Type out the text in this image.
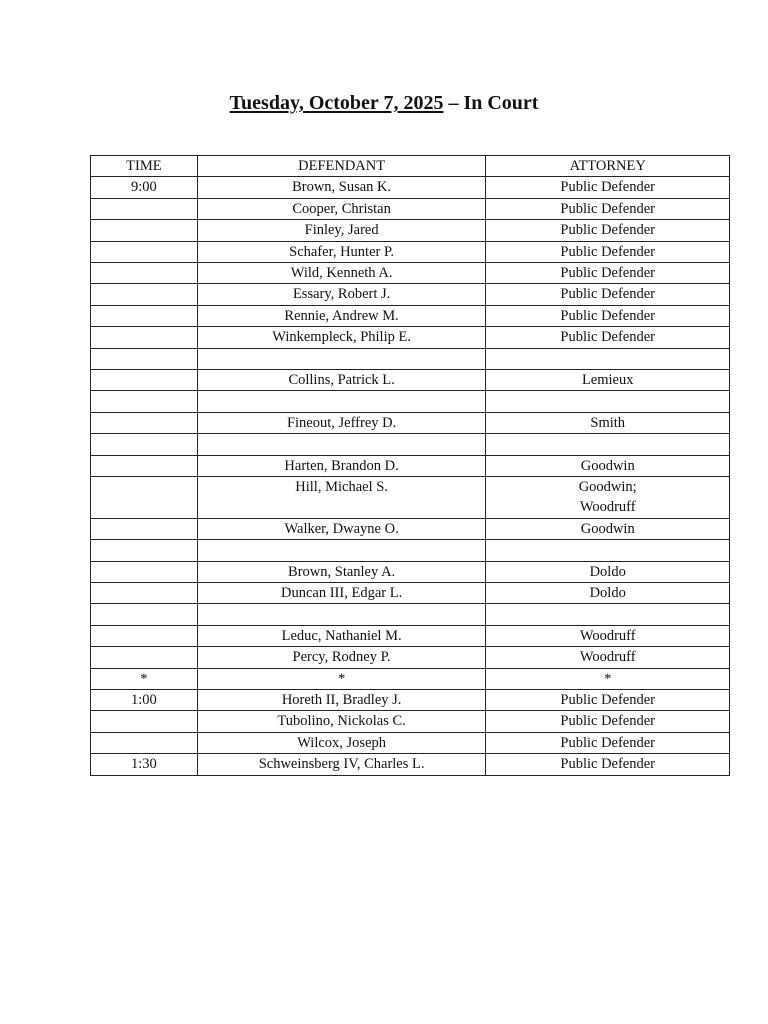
Tuesday, October 7, 2025 – In Court
TIME	DEFENDANT	ATTORNEY
9:00	Brown, Susan K.	Public Defender

	Cooper, Christan	Public Defender

	Finley, Jared	Public Defender

	Schafer, Hunter P.	Public Defender

	Wild, Kenneth A.	Public Defender

	Essary, Robert J.	Public Defender

	Rennie, Andrew M.	Public Defender

	Winkempleck, Philip E.	Public Defender

	Collins, Patrick L.	Lemieux

	Fineout, Jeffrey D.	Smith

	Harten, Brandon D.	Goodwin

	Hill, Michael S.	Goodwin;
Woodruff

	Walker, Dwayne O.	Goodwin

	Brown, Stanley A.	Doldo

	Duncan III, Edgar L.	Doldo

	Leduc, Nathaniel M.	Woodruff

	Percy, Rodney P.	Woodruff

*	*	*

1:00	Horeth II, Bradley J.	Public Defender

	Tubolino, Nickolas C.	Public Defender

	Wilcox, Joseph	Public Defender

1:30	Schweinsberg IV, Charles L.	Public Defender
